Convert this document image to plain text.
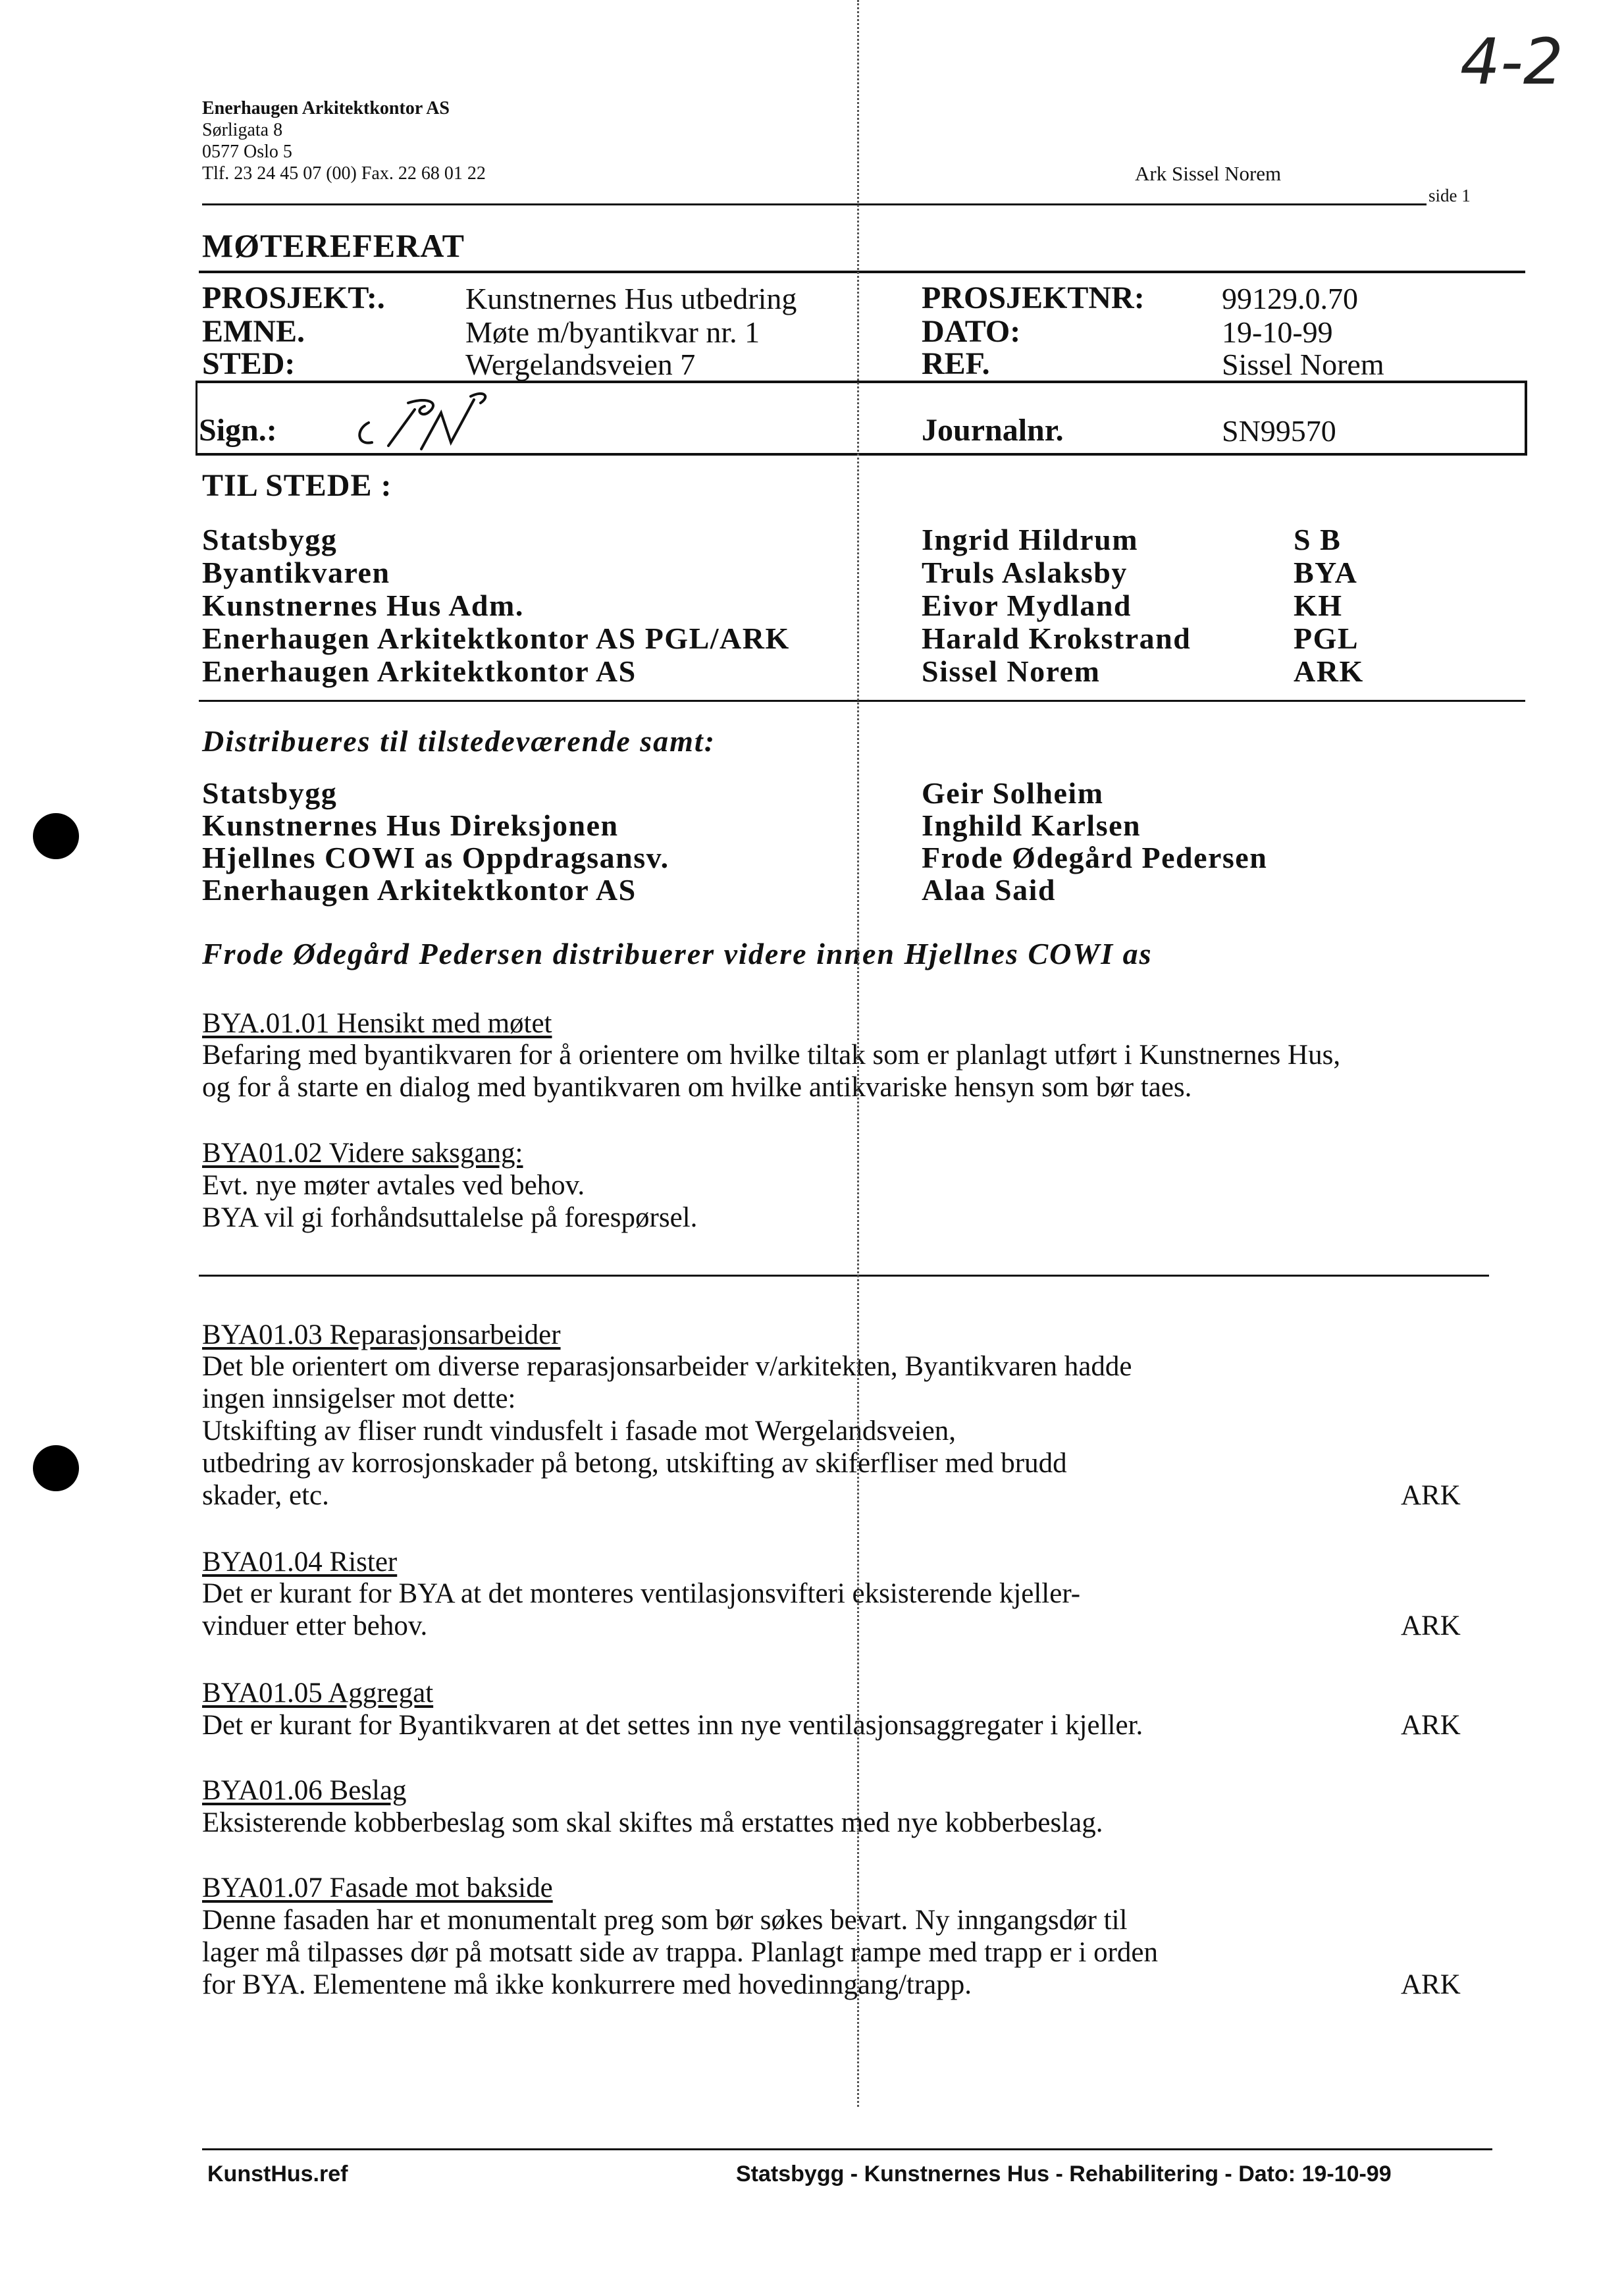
Enerhaugen Arkitektkontor AS
Sørligata 8
0577 Oslo 5
Tlf. 23 24 45 07 (00) Fax. 22 68 01 22
4-2
Ark Sissel Norem
side 1
MØTEREFERAT
PROSJEKT:.	Kunstnernes Hus utbedring
EMNE.	Møte m/byantikvar nr. 1
STED:	Wergelandsveien 7
PROSJEKTNR:	99129.0.70
DATO:	19-10-99
REF.	Sissel Norem
Sign.:	Journalnr.	SN99570
TIL STEDE :
Statsbygg	Ingrid Hildrum	S B
Byantikvaren	Truls Aslaksby	BYA
Kunstnernes Hus Adm.	Eivor Mydland	KH
Enerhaugen Arkitektkontor AS PGL/ARK	Harald Krokstrand	PGL
Enerhaugen Arkitektkontor AS	Sissel Norem	ARK
Distribueres til tilstedeværende samt:
Statsbygg	Geir Solheim
Kunstnernes Hus Direksjonen	Inghild Karlsen
Hjellnes COWI as Oppdragsansv.	Frode Ødegård Pedersen
Enerhaugen Arkitektkontor AS	Alaa Said
Frode Ødegård Pedersen distribuerer videre innen Hjellnes COWI as
BYA.01.01 Hensikt med møtet
Befaring med byantikvaren for å orientere om hvilke tiltak som er planlagt utført i Kunstnernes Hus,
og for å starte en dialog med byantikvaren om hvilke antikvariske hensyn som bør taes.
BYA01.02 Videre saksgang:
Evt. nye møter avtales ved behov.
BYA vil gi forhåndsuttalelse på forespørsel.
BYA01.03 Reparasjonsarbeider
Det ble orientert om diverse reparasjonsarbeider v/arkitekten, Byantikvaren hadde
ingen innsigelser mot dette:
Utskifting av fliser rundt vindusfelt i fasade mot Wergelandsveien,
utbedring av korrosjonskader på betong, utskifting av skiferfliser med brudd
skader, etc.	ARK
BYA01.04 Rister
Det er kurant for BYA at det monteres ventilasjonsvifteri eksisterende kjeller-
vinduer etter behov.	ARK
BYA01.05 Aggregat
Det er kurant for Byantikvaren at det settes inn nye ventilasjonsaggregater i kjeller.	ARK
BYA01.06 Beslag
Eksisterende kobberbeslag som skal skiftes må erstattes med nye kobberbeslag.
BYA01.07 Fasade mot bakside
Denne fasaden har et monumentalt preg som bør søkes bevart. Ny inngangsdør til
lager må tilpasses dør på motsatt side av trappa. Planlagt rampe med trapp er i orden
for BYA. Elementene må ikke konkurrere med hovedinngang/trapp.	ARK
KunstHus.ref	Statsbygg - Kunstnernes Hus - Rehabilitering - Dato: 19-10-99
